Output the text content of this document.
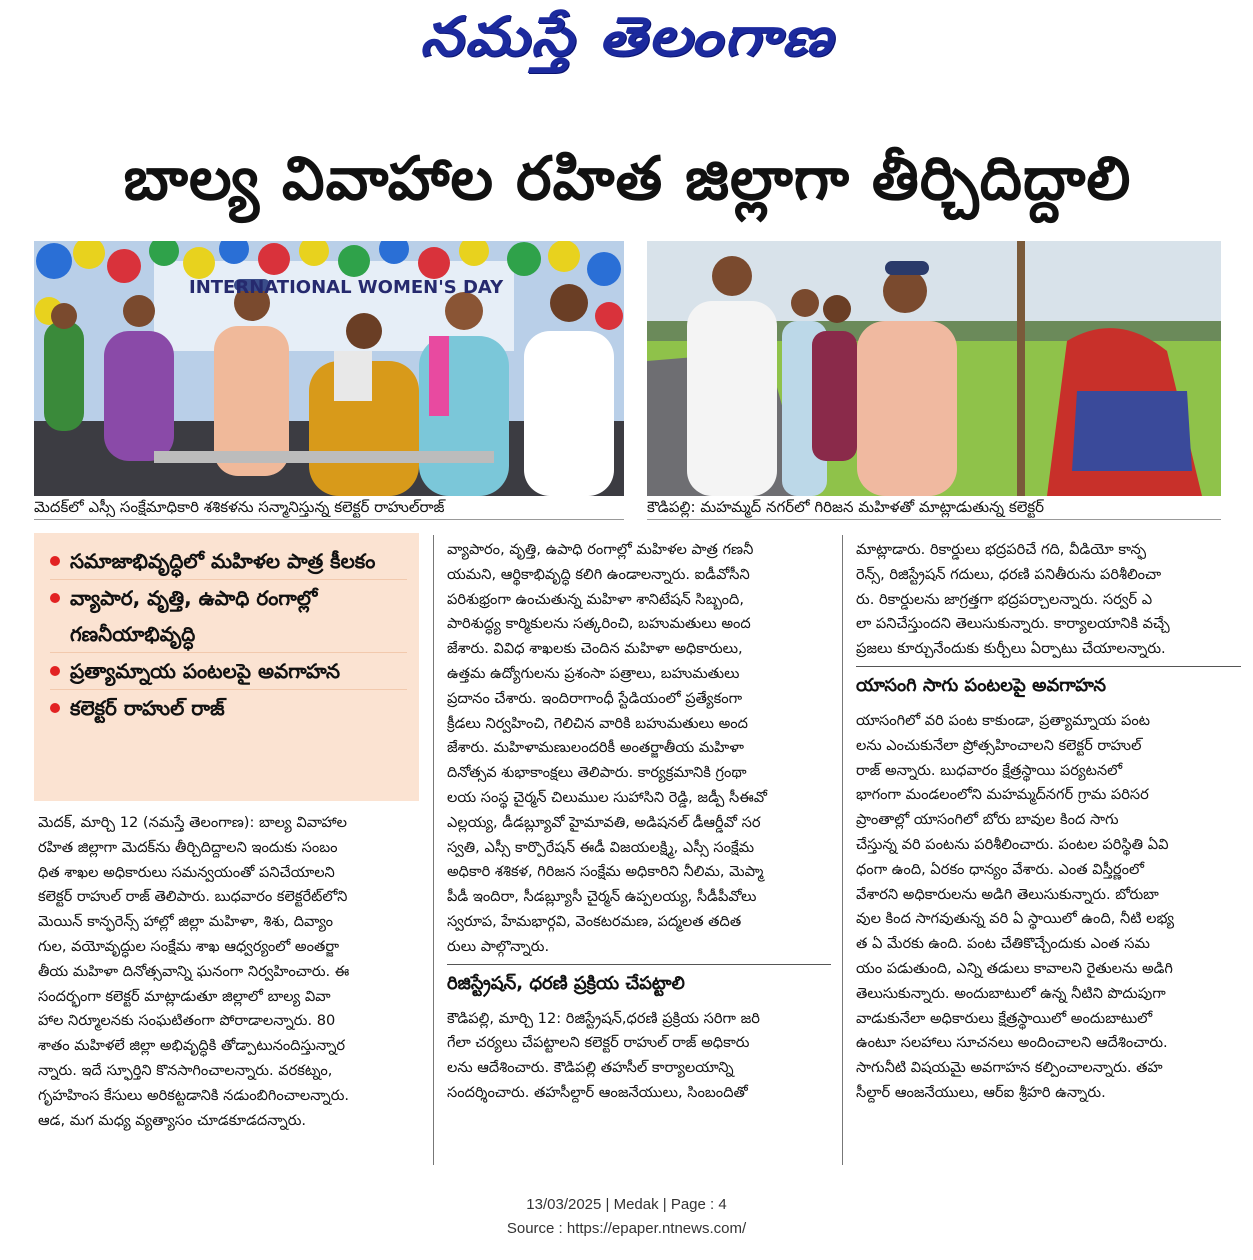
నమస్తే తెలంగాణ
బాల్య వివాహాల రహిత జిల్లాగా తీర్చిదిద్దాలి
INTERNATIONAL WOMEN'S DAY
మెదక్‌లో ఎస్సీ సంక్షేమాధికారి శశికళను సన్మానిస్తున్న కలెక్టర్ రాహుల్‌రాజ్	కౌడిపల్లి: మహమ్మద్ నగర్‌లో గిరిజన మహిళతో మాట్లాడుతున్న కలెక్టర్
సమాజాభివృద్ధిలో మహిళల పాత్ర కీలకం
వ్యాపార, వృత్తి, ఉపాధి రంగాల్లో గణనీయాభివృద్ధి
ప్రత్యామ్నాయ పంటలపై అవగాహన
కలెక్టర్ రాహుల్ రాజ్

మెదక్, మార్చి 12 (నమస్తే తెలంగాణ): బాల్య వివాహాల

రహిత జిల్లాగా మెదక్‌ను తీర్చిదిద్దాలని ఇందుకు సంబం

ధిత శాఖల అధికారులు సమన్వయంతో పనిచేయాలని

కలెక్టర్ రాహుల్ రాజ్ తెలిపారు. బుధవారం కలెక్టరేట్‌లోని

మెయిన్ కాన్ఫరెన్స్ హాల్లో జిల్లా మహిళా, శిశు, దివ్యాం

గుల, వయోవృద్ధుల సంక్షేమ శాఖ ఆధ్వర్యంలో అంతర్జా

తీయ మహిళా దినోత్సవాన్ని ఘనంగా నిర్వహించారు. ఈ

సందర్భంగా కలెక్టర్ మాట్లాడుతూ జిల్లాలో బాల్య వివా

హాల నిర్మూలనకు సంఘటితంగా పోరాడాలన్నారు. 80

శాతం మహిళలే జిల్లా అభివృద్ధికి తోడ్పాటునందిస్తున్నార

న్నారు. ఇదే స్ఫూర్తిని కొనసాగించాలన్నారు. వరకట్నం,

గృహహింస కేసులు అరికట్టడానికి నడుంబిగించాలన్నారు.

ఆడ, మగ మధ్య వ్యత్యాసం చూడకూడదన్నారు.

వ్యాపారం, వృత్తి, ఉపాధి రంగాల్లో మహిళల పాత్ర గణనీ

యమని, ఆర్థికాభివృద్ధి కలిగి ఉండాలన్నారు. ఐడీవోసీని

పరిశుభ్రంగా ఉంచుతున్న మహిళా శానిటేషన్ సిబ్బంది,

పారిశుద్ధ్య కార్మికులను సత్కరించి, బహుమతులు అంద

జేశారు. వివిధ శాఖలకు చెందిన మహిళా అధికారులు,

ఉత్తమ ఉద్యోగులను ప్రశంసా పత్రాలు, బహుమతులు

ప్రదానం చేశారు. ఇందిరాగాంధీ స్టేడియంలో ప్రత్యేకంగా

క్రీడలు నిర్వహించి, గెలిచిన వారికి బహుమతులు అంద

జేశారు. మహిళామణులందరికీ అంతర్జాతీయ మహిళా

దినోత్సవ శుభాకాంక్షలు తెలిపారు. కార్యక్రమానికి గ్రంథా

లయ సంస్థ చైర్మన్ చిలుముల సుహాసిని రెడ్డి, జడ్పీ సీఈవో

ఎల్లయ్య, డీడబ్ల్యూవో హైమావతి, అడిషనల్ డీఆర్డీవో సర

స్వతి, ఎస్సీ కార్పొరేషన్ ఈడీ విజయలక్ష్మి, ఎస్సీ సంక్షేమ

అధికారి శశికళ, గిరిజన సంక్షేమ అధికారిని నీలిమ, మెప్మా

పీడీ ఇందిరా, సీడబ్ల్యూసీ చైర్మన్ ఉప్పలయ్య, సీడీపీవోలు

స్వరూప, హేమభార్గవి, వెంకటరమణ, పద్మలత తదిత

రులు పాల్గొన్నారు.

రిజిస్ట్రేషన్, ధరణి ప్రక్రియ చేపట్టాలి

కౌడిపల్లి, మార్చి 12: రిజిస్ట్రేషన్,ధరణి ప్రక్రియ సరిగా జరి

గేలా చర్యలు చేపట్టాలని కలెక్టర్ రాహుల్ రాజ్ అధికారు

లను ఆదేశించారు. కౌడిపల్లి తహసీల్ కార్యాలయాన్ని

సందర్శించారు. తహసీల్దార్ ఆంజనేయులు, సింబందితో

మాట్లాడారు. రికార్డులు భద్రపరిచే గది, వీడియో కాన్ఫ

రెన్స్, రిజిస్ట్రేషన్ గదులు, ధరణి పనితీరును పరిశీలించా

రు. రికార్డులను జాగ్రత్తగా భద్రపర్చాలన్నారు. సర్వర్ ఎ

లా పనిచేస్తుందని తెలుసుకున్నారు. కార్యాలయానికి వచ్చే

ప్రజలు కూర్చునేందుకు కుర్చీలు ఏర్పాటు చేయాలన్నారు.

యాసంగి సాగు పంటలపై అవగాహన

యాసంగిలో వరి పంట కాకుండా, ప్రత్యామ్నాయ పంట

లను ఎంచుకునేలా ప్రోత్సహించాలని కలెక్టర్ రాహుల్

రాజ్ అన్నారు. బుధవారం క్షేత్రస్థాయి పర్యటనలో

భాగంగా మండలంలోని మహమ్మద్‌నగర్ గ్రామ పరిసర

ప్రాంతాల్లో యాసంగిలో బోరు బావుల కింద సాగు

చేస్తున్న వరి పంటను పరిశీలించారు. పంటల పరిస్థితి ఏవి

ధంగా ఉంది, ఏరకం ధాన్యం వేశారు. ఎంత విస్తీర్ణంలో

వేశారని అధికారులను అడిగి తెలుసుకున్నారు. బోరుబా

వుల కింద సాగవుతున్న వరి ఏ స్థాయిలో ఉంది, నీటి లభ్య

త ఏ మేరకు ఉంది. పంట చేతికొచ్చేందుకు ఎంత సమ

యం పడుతుంది, ఎన్ని తడులు కావాలని రైతులను అడిగి

తెలుసుకున్నారు. అందుబాటులో ఉన్న నీటిని పొదుపుగా

వాడుకునేలా అధికారులు క్షేత్రస్థాయిలో అందుబాటులో

ఉంటూ సలహాలు సూచనలు అందించాలని ఆదేశించారు.

సాగునీటి విషయమై అవగాహన కల్పించాలన్నారు. తహ

సీల్దార్ ఆంజనేయులు, ఆర్ఐ శ్రీహరి ఉన్నారు.

13/03/2025 | Medak | Page : 4
Source : https://epaper.ntnews.com/
